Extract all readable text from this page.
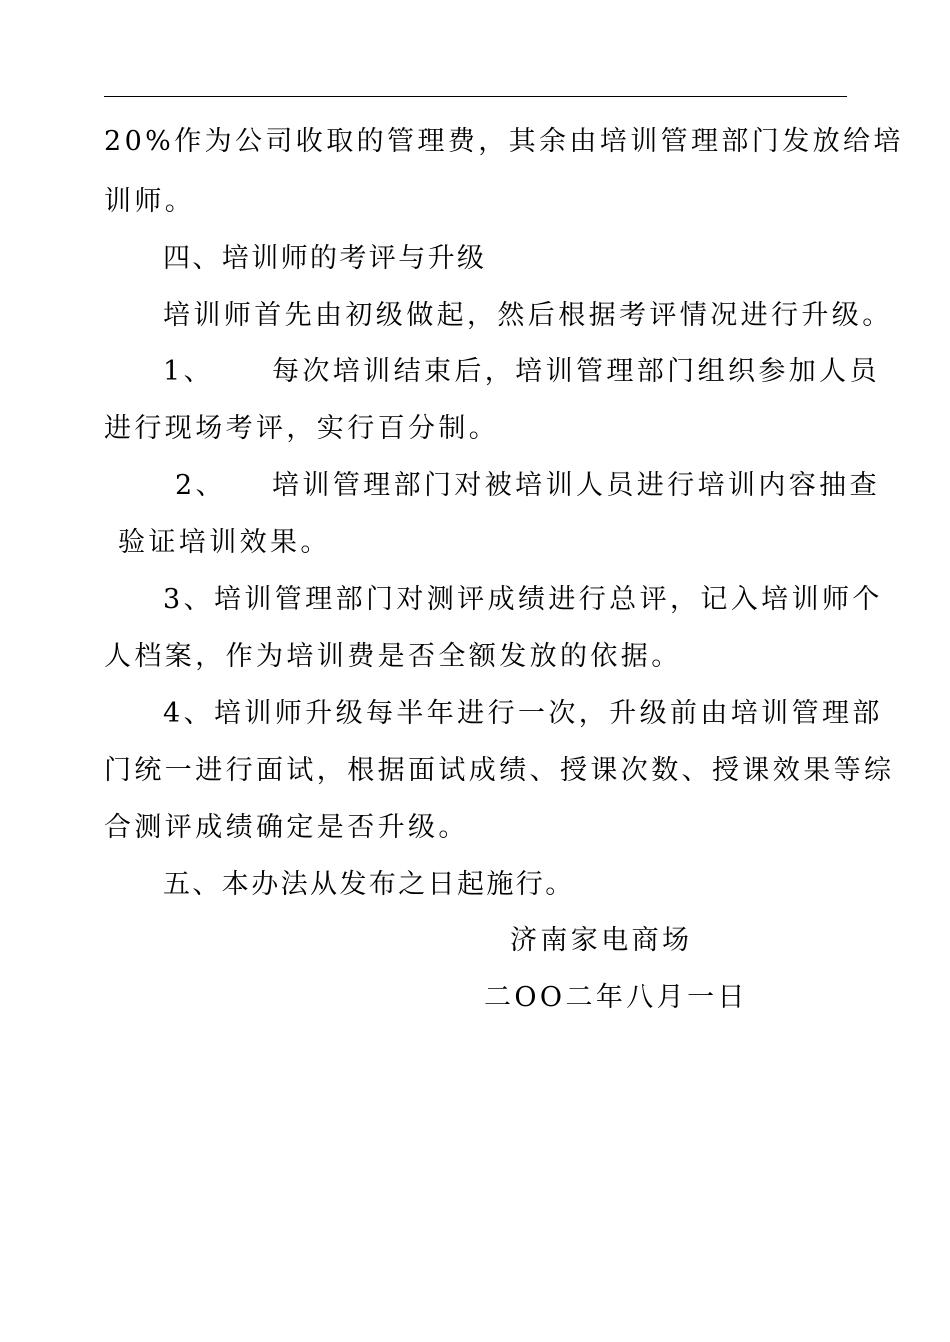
20%作为公司收取的管理费，其余由培训管理部门发放给培
训师。
四、培训师的考评与升级
培训师首先由初级做起，然后根据考评情况进行升级。
1、 每次培训结束后，培训管理部门组织参加人员
进行现场考评，实行百分制。
2、 培训管理部门对被培训人员进行培训内容抽查
验证培训效果。
3、培训管理部门对测评成绩进行总评，记入培训师个
人档案，作为培训费是否全额发放的依据。
4、培训师升级每半年进行一次，升级前由培训管理部
门统一进行面试，根据面试成绩、授课次数、授课效果等综
合测评成绩确定是否升级。
五、本办法从发布之日起施行。
济南家电商场
二OO二年八月一日
